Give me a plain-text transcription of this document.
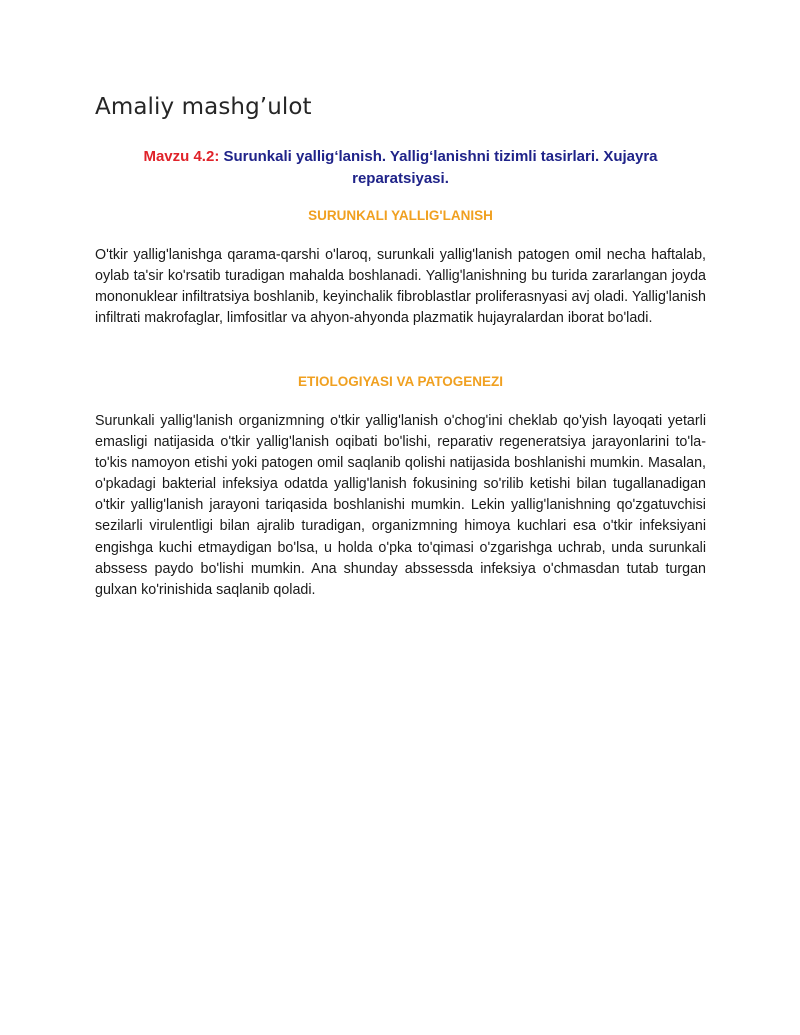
Amaliy mashg’ulot

Mavzu 4.2: Surunkali yallig‘lanish. Yallig‘lanishni tizimli tasirlari. Xujayra reparatsiyasi.

SURUNKALI YALLIGʹLANISH

Oʹtkir yalligʹlanishga qarama-qarshi oʹlaroq, surunkali yalligʹlanish patogen omil necha haftalab, oylab taʹsir koʹrsatib turadigan mahalda boshlanadi. Yalligʹlanishning bu turida zararlangan joyda mononuklear infiltratsiya boshlanib, keyinchalik fibroblastlar proliferasnyasi avj oladi. Yalligʹlanish infiltrati makrofaglar, limfositlar va ahyon-ahyonda plazmatik hujayralardan iborat boʹladi.

ETIOLOGIYASI VA PATOGENEZI

Surunkali yalligʹlanish organizmning oʹtkir yalligʹlanish oʹchogʹini cheklab qoʹyish layoqati yetarli emasligi natijasida oʹtkir yalligʹlanish oqibati boʹlishi, reparativ regeneratsiya jarayonlarini toʹla-toʹkis namoyon etishi yoki patogen omil saqlanib qolishi natijasida boshlanishi mumkin. Masalan, oʹpkadagi bakterial infeksiya odatda yalligʹlanish fokusining soʹrilib ketishi bilan tugallanadigan oʹtkir yalligʹlanish jarayoni tariqasida boshlanishi mumkin. Lekin yalligʹlanishning qoʹzgatuvchisi sezilarli virulentligi bilan ajralib turadigan, organizmning himoya kuchlari esa oʹtkir infeksiyani engishga kuchi etmaydigan boʹlsa, u holda oʹpka toʹqimasi oʹzgarishga uchrab, unda surunkali abssess paydo boʹlishi mumkin. Ana shunday abssessda infeksiya oʹchmasdan tutab turgan gulxan koʹrinishida saqlanib qoladi.
